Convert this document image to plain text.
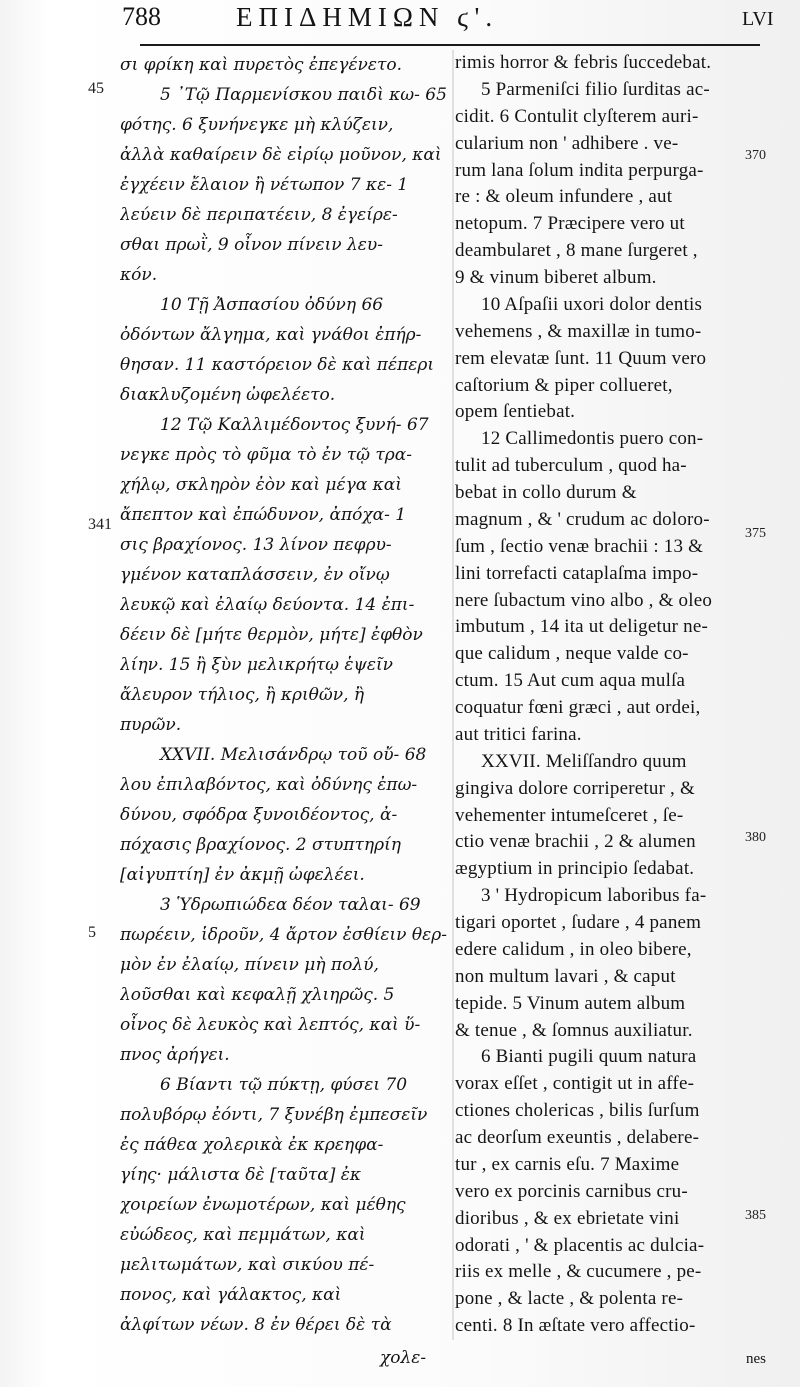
788	ΕΠΙΔΗΜΙΩΝ ϛ'.	LVI
σι φρίκη καὶ πυρετὸς ἐπεγένετο.
5 ᾿Τῷ Παρμενίσκου παιδὶ κω- 65
φότης. 6 ξυνήνεγκε μὴ κλύζειν,
ἀλλὰ καθαίρειν δὲ εἰρίῳ μοῦνον, καὶ
ἐγχέειν ἔλαιον ἢ νέτωπον 7 κε- 1
λεύειν δὲ περιπατέειν, 8 ἐγείρε-
σθαι πρωῒ, 9 οἶνον πίνειν λευ-
κόν.
10 Τῇ Ἀσπασίου ὀδύνη 66
ὀδόντων ἄλγημα, καὶ γνάθοι ἐπήρ-
θησαν. 11 καστόρειον δὲ καὶ πέπερι
διακλυζομένη ὠφελέετο.
12 Τῷ Καλλιμέδοντος ξυνή- 67
νεγκε πρὸς τὸ φῦμα τὸ ἐν τῷ τρα-
χήλῳ, σκληρὸν ἐὸν καὶ μέγα καὶ
ἄπεπτον καὶ ἐπώδυνον, ἀπόχα- 1
σις βραχίονος. 13 λίνον πεφρυ-
γμένον καταπλάσσειν, ἐν οἴνῳ
λευκῷ καὶ ἐλαίῳ δεύοντα. 14 ἐπι-
δέειν δὲ [μήτε θερμὸν, μήτε] ἐφθὸν
λίην. 15 ἢ ξὺν μελικρήτῳ ἑψεῖν
ἄλευρον τήλιος, ἢ κριθῶν, ἢ
πυρῶν.
XXVII. Μελισάνδρῳ τοῦ οὔ- 68
λου ἐπιλαβόντος, καὶ ὀδύνης ἐπω-
δύνου, σφόδρα ξυνοιδέοντος, ἀ-
πόχασις βραχίονος. 2 στυπτηρίη
[αἰγυπτίη] ἐν ἀκμῇ ὠφελέει.
3 Ὑδρωπιώδεα δέον ταλαι- 69
πωρέειν, ἱδροῦν, 4 ἄρτον ἐσθίειν θερ-
μὸν ἐν ἐλαίῳ, πίνειν μὴ πολύ,
λοῦσθαι καὶ κεφαλῇ χλιηρῶς. 5
οἶνος δὲ λευκὸς καὶ λεπτός, καὶ ὕ-
πνος ἀρήγει.
6 Βίαντι τῷ πύκτῃ, φύσει 70
πολυβόρῳ ἐόντι, 7 ξυνέβη ἐμπεσεῖν
ἐς πάθεα χολερικὰ ἐκ κρεηφα-
γίης· μάλιστα δὲ [ταῦτα] ἐκ
χοιρείων ἐνωμοτέρων, καὶ μέθης
εὐώδεος, καὶ πεμμάτων, καὶ
μελιτωμάτων, καὶ σικύου πέ-
πονος, καὶ γάλακτος, καὶ
ἀλφίτων νέων. 8 ἐν θέρει δὲ τὰ
rimis horror & febris ſuccedebat.
5 Parmeniſci filio ſurditas ac-
cidit. 6 Contulit clyſterem auri-
cularium non ' adhibere . ve-
rum lana ſolum indita perpurga-
re : & oleum infundere , aut
netopum. 7 Præcipere vero ut
deambularet , 8 mane ſurgeret ,
9 & vinum biberet album.
10 Aſpaſii uxori dolor dentis
vehemens , & maxillæ in tumo-
rem elevatæ ſunt. 11 Quum vero
caſtorium & piper collueret,
opem ſentiebat.
12 Callimedontis puero con-
tulit ad tuberculum , quod ha-
bebat in collo durum &
magnum , & ' crudum ac doloro-
ſum , ſectio venæ brachii : 13 &
lini torrefacti cataplaſma impo-
nere ſubactum vino albo , & oleo
imbutum , 14 ita ut deligetur ne-
que calidum , neque valde co-
ctum. 15 Aut cum aqua mulſa
coquatur fœni græci , aut ordei,
aut tritici farina.
XXVII. Meliſſandro quum
gingiva dolore corriperetur , &
vehementer intumeſceret , ſe-
ctio venæ brachii , 2 & alumen
ægyptium in principio ſedabat.
3 ' Hydropicum laboribus fa-
tigari oportet , ſudare , 4 panem
edere calidum , in oleo bibere,
non multum lavari , & caput
tepide. 5 Vinum autem album
& tenue , & ſomnus auxiliatur.
6 Bianti pugili quum natura
vorax eſſet , contigit ut in affe-
ctiones cholericas , bilis ſurſum
ac deorſum exeuntis , delabere-
tur , ex carnis eſu. 7 Maxime
vero ex porcinis carnibus cru-
dioribus , & ex ebrietate vini
odorati , ' & placentis ac dulcia-
riis ex melle , & cucumere , pe-
pone , & lacte , & polenta re-
centi. 8 In æſtate vero affectio-
45
341
5
370
375
380
385
χολε-	nes
